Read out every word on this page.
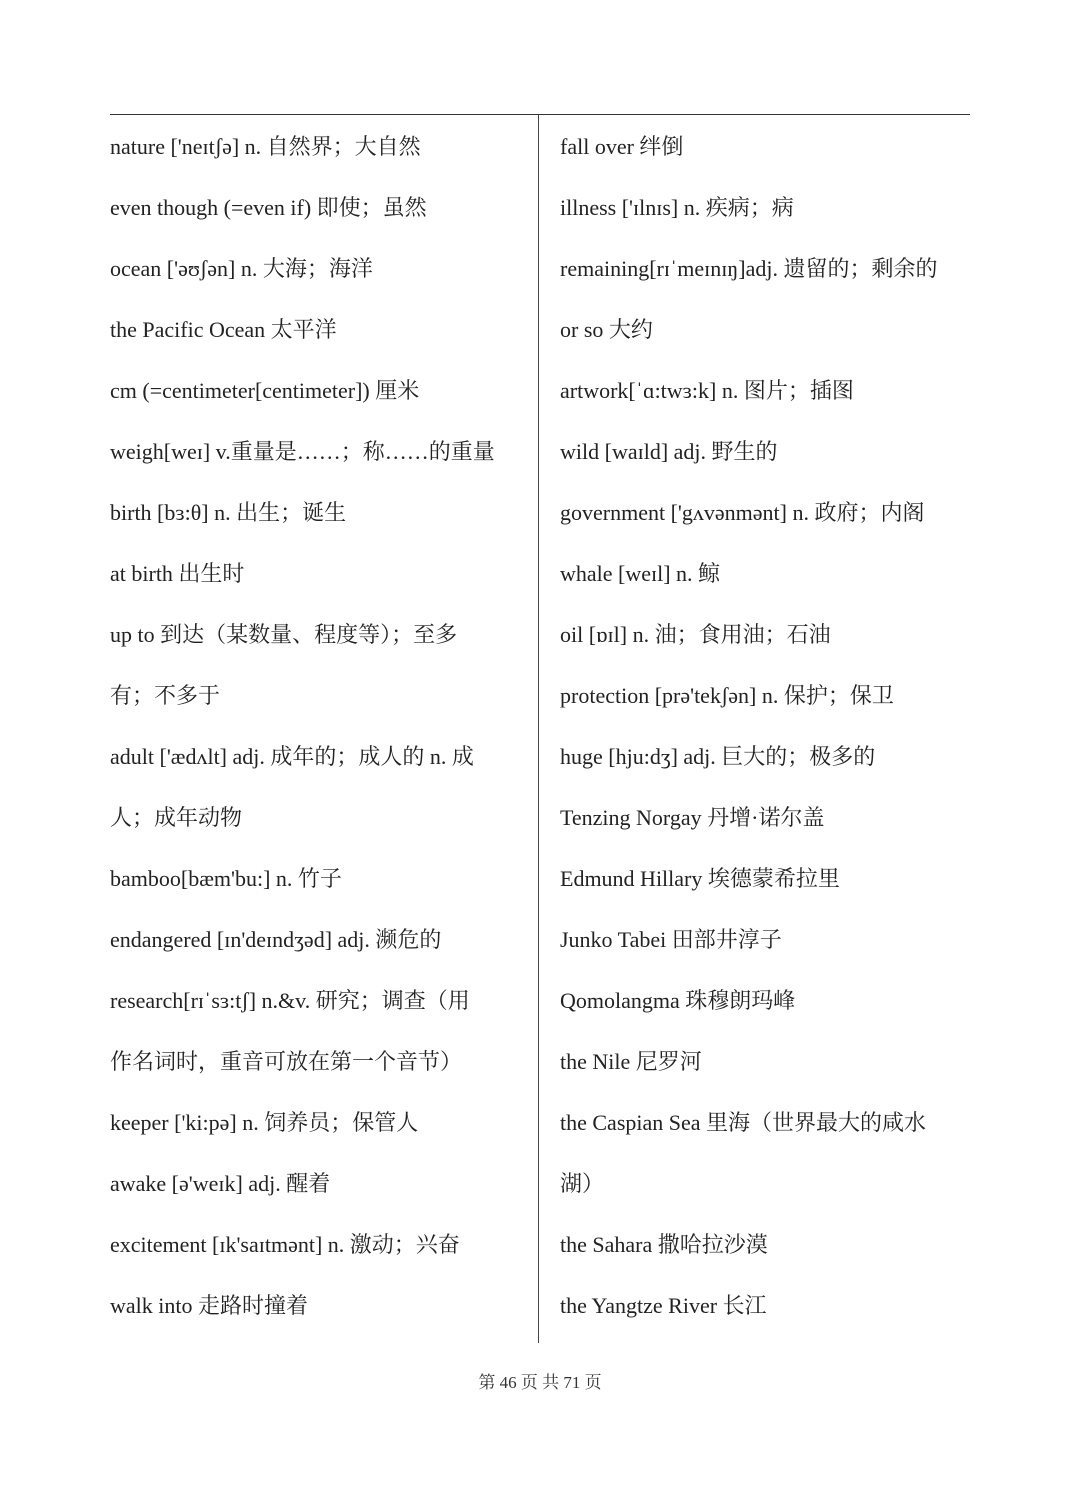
nature ['neɪtʃə] n. 自然界；大自然
even though (=even if) 即使；虽然
ocean ['əʊʃən] n. 大海；海洋
the Pacific Ocean 太平洋
cm (=centimeter[centimeter]) 厘米
weigh[weɪ] v.重量是……；称……的重量
birth [bɜ:θ] n. 出生；诞生
at birth 出生时
up to 到达（某数量、程度等）；至多
有；不多于
adult ['ædʌlt] adj. 成年的；成人的 n. 成
人；成年动物
bamboo[bæm'bu:] n. 竹子
endangered [ɪn'deɪndʒəd] adj. 濒危的
research[rɪˈsɜ:tʃ] n.&v. 研究；调查（用
作名词时，重音可放在第一个音节）
keeper ['ki:pə] n. 饲养员；保管人
awake [ə'weɪk] adj. 醒着
excitement [ɪk'saɪtmənt] n. 激动；兴奋
walk into 走路时撞着
fall over 绊倒
illness ['ɪlnɪs] n. 疾病；病
remaining[rɪˈmeɪnɪŋ]adj. 遗留的；剩余的
or so 大约
artwork[ˈɑ:twɜ:k] n. 图片；插图
wild [waɪld] adj. 野生的
government ['gʌvənmənt] n. 政府；内阁
whale [weɪl] n. 鲸
oil [ɒɪl] n. 油；食用油；石油
protection [prə'tekʃən] n. 保护；保卫
huge [hju:dʒ] adj. 巨大的；极多的
Tenzing Norgay 丹增·诺尔盖
Edmund Hillary 埃德蒙希拉里
Junko Tabei 田部井淳子
Qomolangma 珠穆朗玛峰
the Nile 尼罗河
the Caspian Sea 里海（世界最大的咸水
湖）
the Sahara 撒哈拉沙漠
the Yangtze River 长江
第 46 页 共 71 页
